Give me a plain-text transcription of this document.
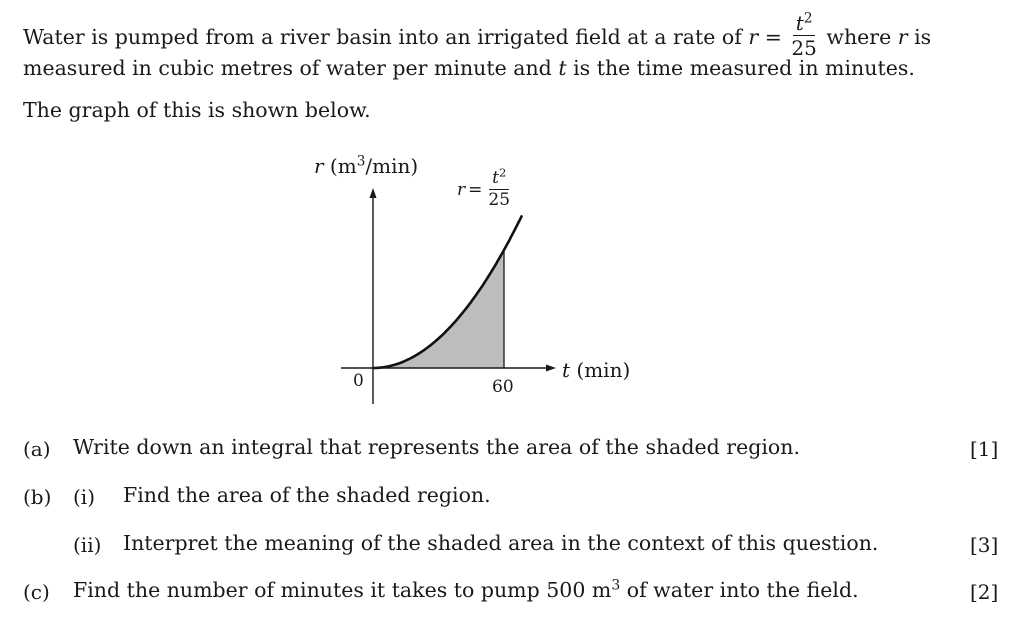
Water is pumped from a river basin into an irrigated field at a rate of $r = \frac{t^2}{25}$ where r is
measured in cubic metres of water per minute and t is the time measured in minutes.
The graph of this is shown below.
r $(m^3/\min)$
$r = \frac{t^2}{25}$
0	60
t (min)
(a) Write down an integral that represents the area of the shaded region.	[1]
(b) (i) Find the area of the shaded region.
(ii) Interpret the meaning of the shaded area in the context of this question.	[3]
(c) Find the number of minutes it takes to pump 500 $m^3$ of water into the field.	[2]
